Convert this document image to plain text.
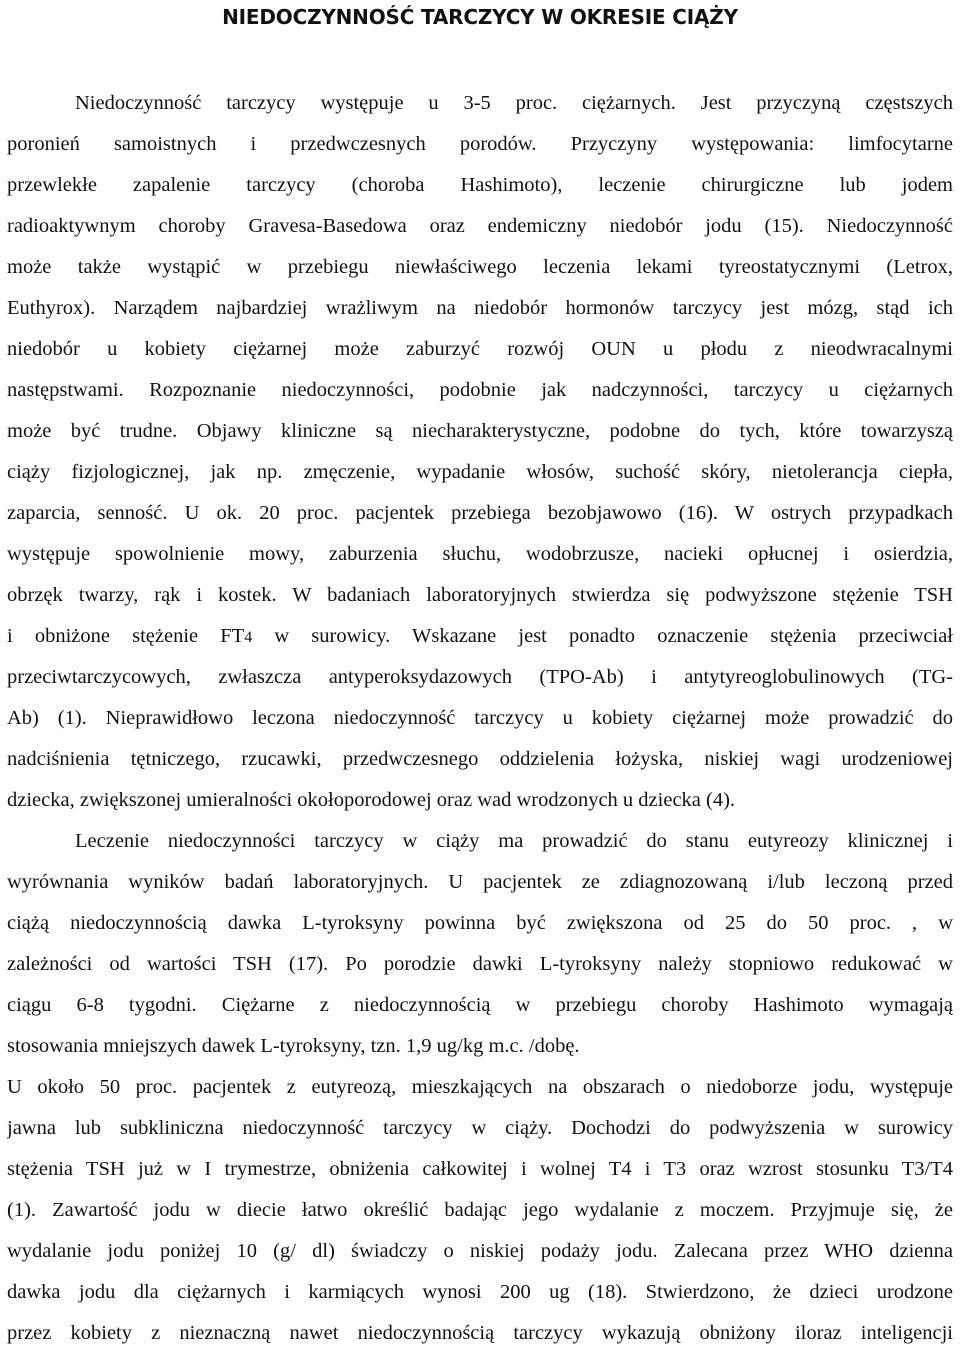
NIEDOCZYNNOŚĆ TARCZYCY W OKRESIE CIĄŻY
Niedoczynność tarczycy występuje u 3-5 proc. ciężarnych. Jest przyczyną częstszych
poronień samoistnych i przedwczesnych porodów. Przyczyny występowania: limfocytarne
przewlekłe zapalenie tarczycy (choroba Hashimoto), leczenie chirurgiczne lub jodem
radioaktywnym choroby Gravesa-Basedowa oraz endemiczny niedobór jodu (15). Niedoczynność
może także wystąpić w przebiegu niewłaściwego leczenia lekami tyreostatycznymi (Letrox,
Euthyrox). Narządem najbardziej wrażliwym na niedobór hormonów tarczycy jest mózg, stąd ich
niedobór u kobiety ciężarnej może zaburzyć rozwój OUN u płodu z nieodwracalnymi
następstwami. Rozpoznanie niedoczynności, podobnie jak nadczynności, tarczycy u ciężarnych
może być trudne. Objawy kliniczne są niecharakterystyczne, podobne do tych, które towarzyszą
ciąży fizjologicznej, jak np. zmęczenie, wypadanie włosów, suchość skóry, nietolerancja ciepła,
zaparcia, senność. U ok. 20 proc. pacjentek przebiega bezobjawowo (16). W ostrych przypadkach
występuje spowolnienie mowy, zaburzenia słuchu, wodobrzusze, nacieki opłucnej i osierdzia,
obrzęk twarzy, rąk i kostek. W badaniach laboratoryjnych stwierdza się podwyższone stężenie TSH
i obniżone stężenie FT4 w surowicy. Wskazane jest ponadto oznaczenie stężenia przeciwciał
przeciwtarczycowych, zwłaszcza antyperoksydazowych (TPO-Ab) i antytyreoglobulinowych (TG-
Ab) (1). Nieprawidłowo leczona niedoczynność tarczycy u kobiety ciężarnej może prowadzić do
nadciśnienia tętniczego, rzucawki, przedwczesnego oddzielenia łożyska, niskiej wagi urodzeniowej
dziecka, zwiększonej umieralności okołoporodowej oraz wad wrodzonych u dziecka (4).
Leczenie niedoczynności tarczycy w ciąży ma prowadzić do stanu eutyreozy klinicznej i
wyrównania wyników badań laboratoryjnych. U pacjentek ze zdiagnozowaną i/lub leczoną przed
ciążą niedoczynnością dawka L-tyroksyny powinna być zwiększona od 25 do 50 proc. , w
zależności od wartości TSH (17). Po porodzie dawki L-tyroksyny należy stopniowo redukować w
ciągu 6-8 tygodni. Ciężarne z niedoczynnością w przebiegu choroby Hashimoto wymagają
stosowania mniejszych dawek L-tyroksyny, tzn. 1,9 ug/kg m.c. /dobę.
U około 50 proc. pacjentek z eutyreozą, mieszkających na obszarach o niedoborze jodu, występuje
jawna lub subkliniczna niedoczynność tarczycy w ciąży. Dochodzi do podwyższenia w surowicy
stężenia TSH już w I trymestrze, obniżenia całkowitej i wolnej T4 i T3 oraz wzrost stosunku T3/T4
(1). Zawartość jodu w diecie łatwo określić badając jego wydalanie z moczem. Przyjmuje się, że
wydalanie jodu poniżej 10 (g/ dl) świadczy o niskiej podaży jodu. Zalecana przez WHO dzienna
dawka jodu dla ciężarnych i karmiących wynosi 200 ug (18). Stwierdzono, że dzieci urodzone
przez kobiety z nieznaczną nawet niedoczynnością tarczycy wykazują obniżony iloraz inteligencji
